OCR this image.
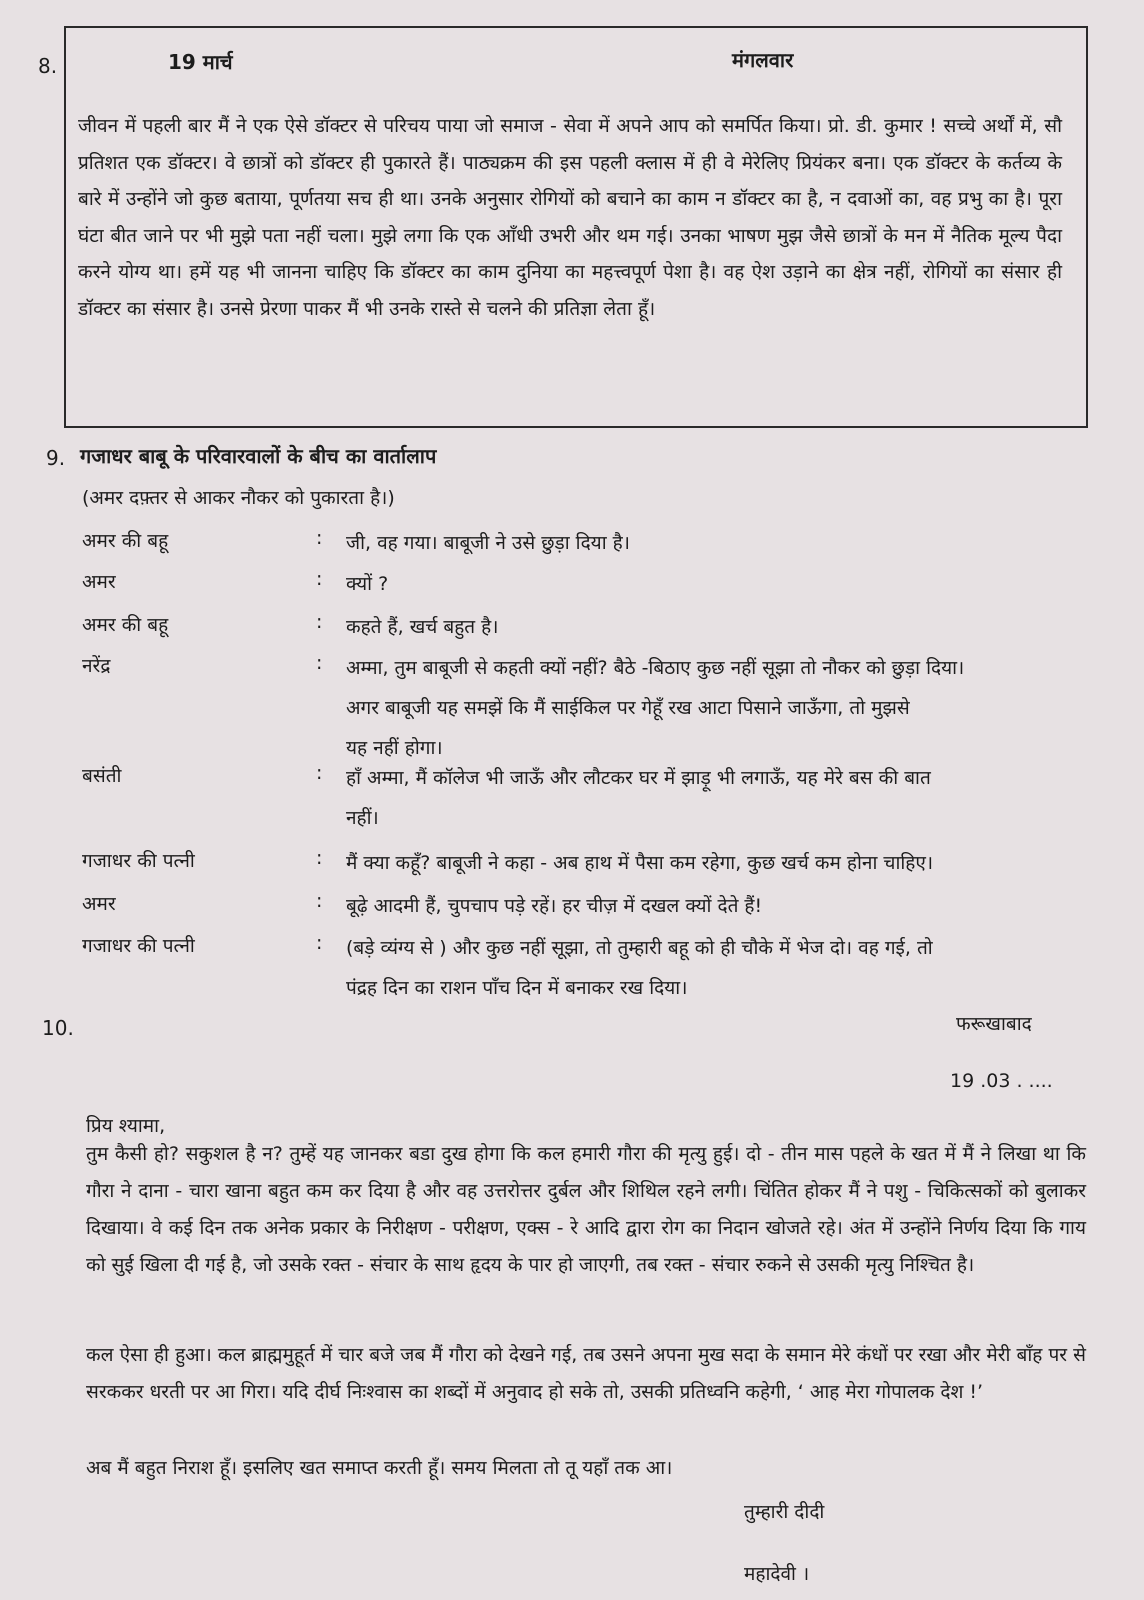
8.	19 मार्च	मंगलवार
जीवन में पहली बार मैं ने एक ऐसे डॉक्टर से परिचय पाया जो समाज - सेवा में अपने आप को समर्पित किया। प्रो. डी. कुमार ! सच्चे अर्थों में, सौ प्रतिशत एक डॉक्टर। वे छात्रों को डॉक्टर ही पुकारते हैं। पाठ्यक्रम की इस पहली क्लास में ही वे मेरेलिए प्रियंकर बना। एक डॉक्टर के कर्तव्य के बारे में उन्होंने जो कुछ बताया, पूर्णतया सच ही था। उनके अनुसार रोगियों को बचाने का काम न डॉक्टर का है, न दवाओं का, वह प्रभु का है। पूरा घंटा बीत जाने पर भी मुझे पता नहीं चला। मुझे लगा कि एक आँधी उभरी और थम गई। उनका भाषण मुझ जैसे छात्रों के मन में नैतिक मूल्य पैदा करने योग्य था। हमें यह भी जानना चाहिए कि डॉक्टर का काम दुनिया का महत्त्वपूर्ण पेशा है। वह ऐश उड़ाने का क्षेत्र नहीं, रोगियों का संसार ही डॉक्टर का संसार है। उनसे प्रेरणा पाकर मैं भी उनके रास्ते से चलने की प्रतिज्ञा लेता हूँ।
9. गजाधर बाबू के परिवारवालों के बीच का वार्तालाप
(अमर दफ़्तर से आकर नौकर को पुकारता है।)
अमर की बहू	: जी, वह गया। बाबूजी ने उसे छुड़ा दिया है।
अमर	: क्यों ?
अमर की बहू	: कहते हैं, खर्च बहुत है।
नरेंद्र	: अम्मा, तुम बाबूजी से कहती क्यों नहीं? बैठे -बिठाए कुछ नहीं सूझा तो नौकर को छुड़ा दिया।
अगर बाबूजी यह समझें कि मैं साईकिल पर गेहूँ रख आटा पिसाने जाऊँगा, तो मुझसे
यह नहीं होगा।
बसंती	: हाँ अम्मा, मैं कॉलेज भी जाऊँ और लौटकर घर में झाड़ू भी लगाऊँ, यह मेरे बस की बात
नहीं।
गजाधर की पत्नी	: मैं क्या कहूँ? बाबूजी ने कहा - अब हाथ में पैसा कम रहेगा, कुछ खर्च कम होना चाहिए।
अमर	: बूढ़े आदमी हैं, चुपचाप पड़े रहें। हर चीज़ में दखल क्यों देते हैं!
गजाधर की पत्नी	: (बड़े व्यंग्य से ) और कुछ नहीं सूझा, तो तुम्हारी बहू को ही चौके में भेज दो। वह गई, तो
पंद्रह दिन का राशन पाँच दिन में बनाकर रख दिया।
10.	फरूखाबाद
19 .03 . ....
प्रिय श्यामा,
तुम कैसी हो? सकुशल है न? तुम्हें यह जानकर बडा दुख होगा कि कल हमारी गौरा की मृत्यु हुई। दो - तीन मास पहले के खत में मैं ने लिखा था कि गौरा ने दाना - चारा खाना बहुत कम कर दिया है और वह उत्तरोत्तर दुर्बल और शिथिल रहने लगी। चिंतित होकर मैं ने पशु - चिकित्सकों को बुलाकर दिखाया। वे कई दिन तक अनेक प्रकार के निरीक्षण - परीक्षण, एक्स - रे आदि द्वारा रोग का निदान खोजते रहे। अंत में उन्होंने निर्णय दिया कि गाय को सुई खिला दी गई है, जो उसके रक्त - संचार के साथ हृदय के पार हो जाएगी, तब रक्त - संचार रुकने से उसकी मृत्यु निश्चित है।
कल ऐसा ही हुआ। कल ब्राह्ममुहूर्त में चार बजे जब मैं गौरा को देखने गई, तब उसने अपना मुख सदा के समान मेरे कंधों पर रखा और मेरी बाँह पर से सरककर धरती पर आ गिरा। यदि दीर्घ निःश्वास का शब्दों में अनुवाद हो सके तो, उसकी प्रतिध्वनि कहेगी, ‘ आह मेरा गोपालक देश !’
अब मैं बहुत निराश हूँ। इसलिए खत समाप्त करती हूँ। समय मिलता तो तू यहाँ तक आ।
तुम्हारी दीदी
महादेवी ।
